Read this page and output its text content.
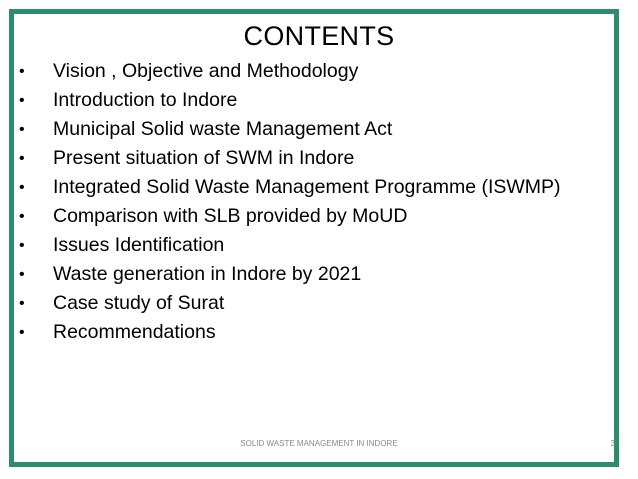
CONTENTS
• Vision , Objective and Methodology
• Introduction to Indore
• Municipal Solid waste Management Act
• Present situation of SWM in Indore
• Integrated Solid Waste Management Programme (ISWMP)
• Comparison with SLB provided by MoUD
• Issues Identification
• Waste generation in Indore by 2021
• Case study of Surat
• Recommendations
SOLID WASTE MANAGEMENT IN INDORE	3
